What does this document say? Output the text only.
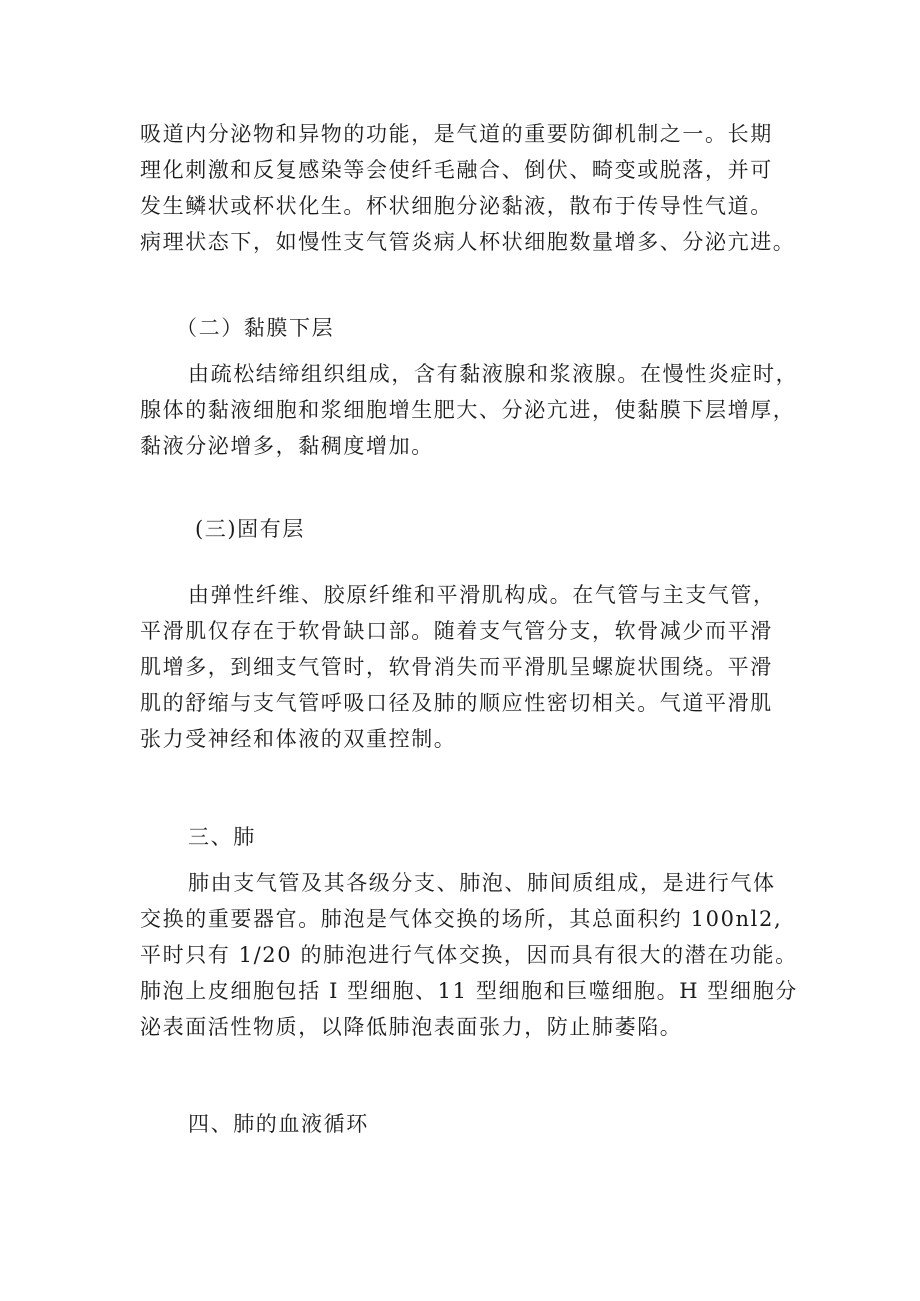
吸道内分泌物和异物的功能，是气道的重要防御机制之一。长期
理化刺激和反复感染等会使纤毛融合、倒伏、畸变或脱落，并可
发生鳞状或杯状化生。杯状细胞分泌黏液，散布于传导性气道。
病理状态下，如慢性支气管炎病人杯状细胞数量增多、分泌亢进。
（二）黏膜下层
由疏松结缔组织组成，含有黏液腺和浆液腺。在慢性炎症时，
腺体的黏液细胞和浆细胞增生肥大、分泌亢进，使黏膜下层增厚，
黏液分泌增多，黏稠度增加。
(三)固有层
由弹性纤维、胶原纤维和平滑肌构成。在气管与主支气管，
平滑肌仅存在于软骨缺口部。随着支气管分支，软骨减少而平滑
肌增多，到细支气管时，软骨消失而平滑肌呈螺旋状围绕。平滑
肌的舒缩与支气管呼吸口径及肺的顺应性密切相关。气道平滑肌
张力受神经和体液的双重控制。
三、肺
肺由支气管及其各级分支、肺泡、肺间质组成，是进行气体
交换的重要器官。肺泡是气体交换的场所，其总面积约 100nl2,
平时只有 1/20 的肺泡进行气体交换，因而具有很大的潜在功能。
肺泡上皮细胞包括 I 型细胞、11 型细胞和巨噬细胞。H 型细胞分
泌表面活性物质，以降低肺泡表面张力，防止肺萎陷。
四、肺的血液循环
